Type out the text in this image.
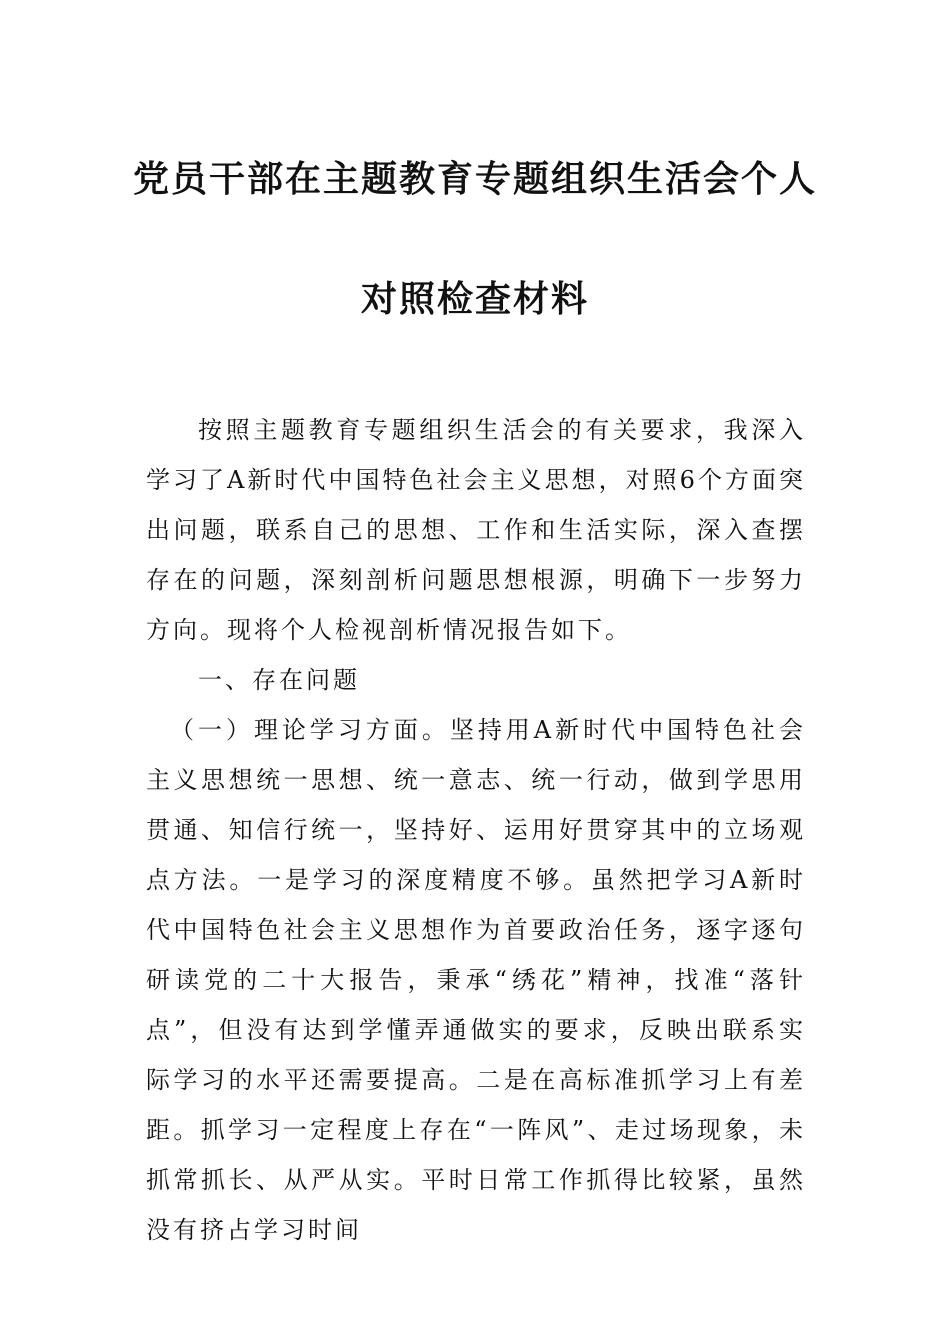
党员干部在主题教育专题组织生活会个人
对照检查材料

按照主题教育专题组织生活会的有关要求，我深入学习了A新时代中国特色社会主义思想，对照6个方面突出问题，联系自己的思想、工作和生活实际，深入查摆存在的问题，深刻剖析问题思想根源，明确下一步努力方向。现将个人检视剖析情况报告如下。

一、存在问题

（一）理论学习方面。坚持用A新时代中国特色社会主义思想统一思想、统一意志、统一行动，做到学思用贯通、知信行统一，坚持好、运用好贯穿其中的立场观点方法。一是学习的深度精度不够。虽然把学习A新时代中国特色社会主义思想作为首要政治任务，逐字逐句研读党的二十大报告，秉承“绣花”精神，找准“落针点”，但没有达到学懂弄通做实的要求，反映出联系实际学习的水平还需要提高。二是在高标准抓学习上有差距。抓学习一定程度上存在“一阵风”、走过场现象，未抓常抓长、从严从实。平时日常工作抓得比较紧，虽然没有挤占学习时间
